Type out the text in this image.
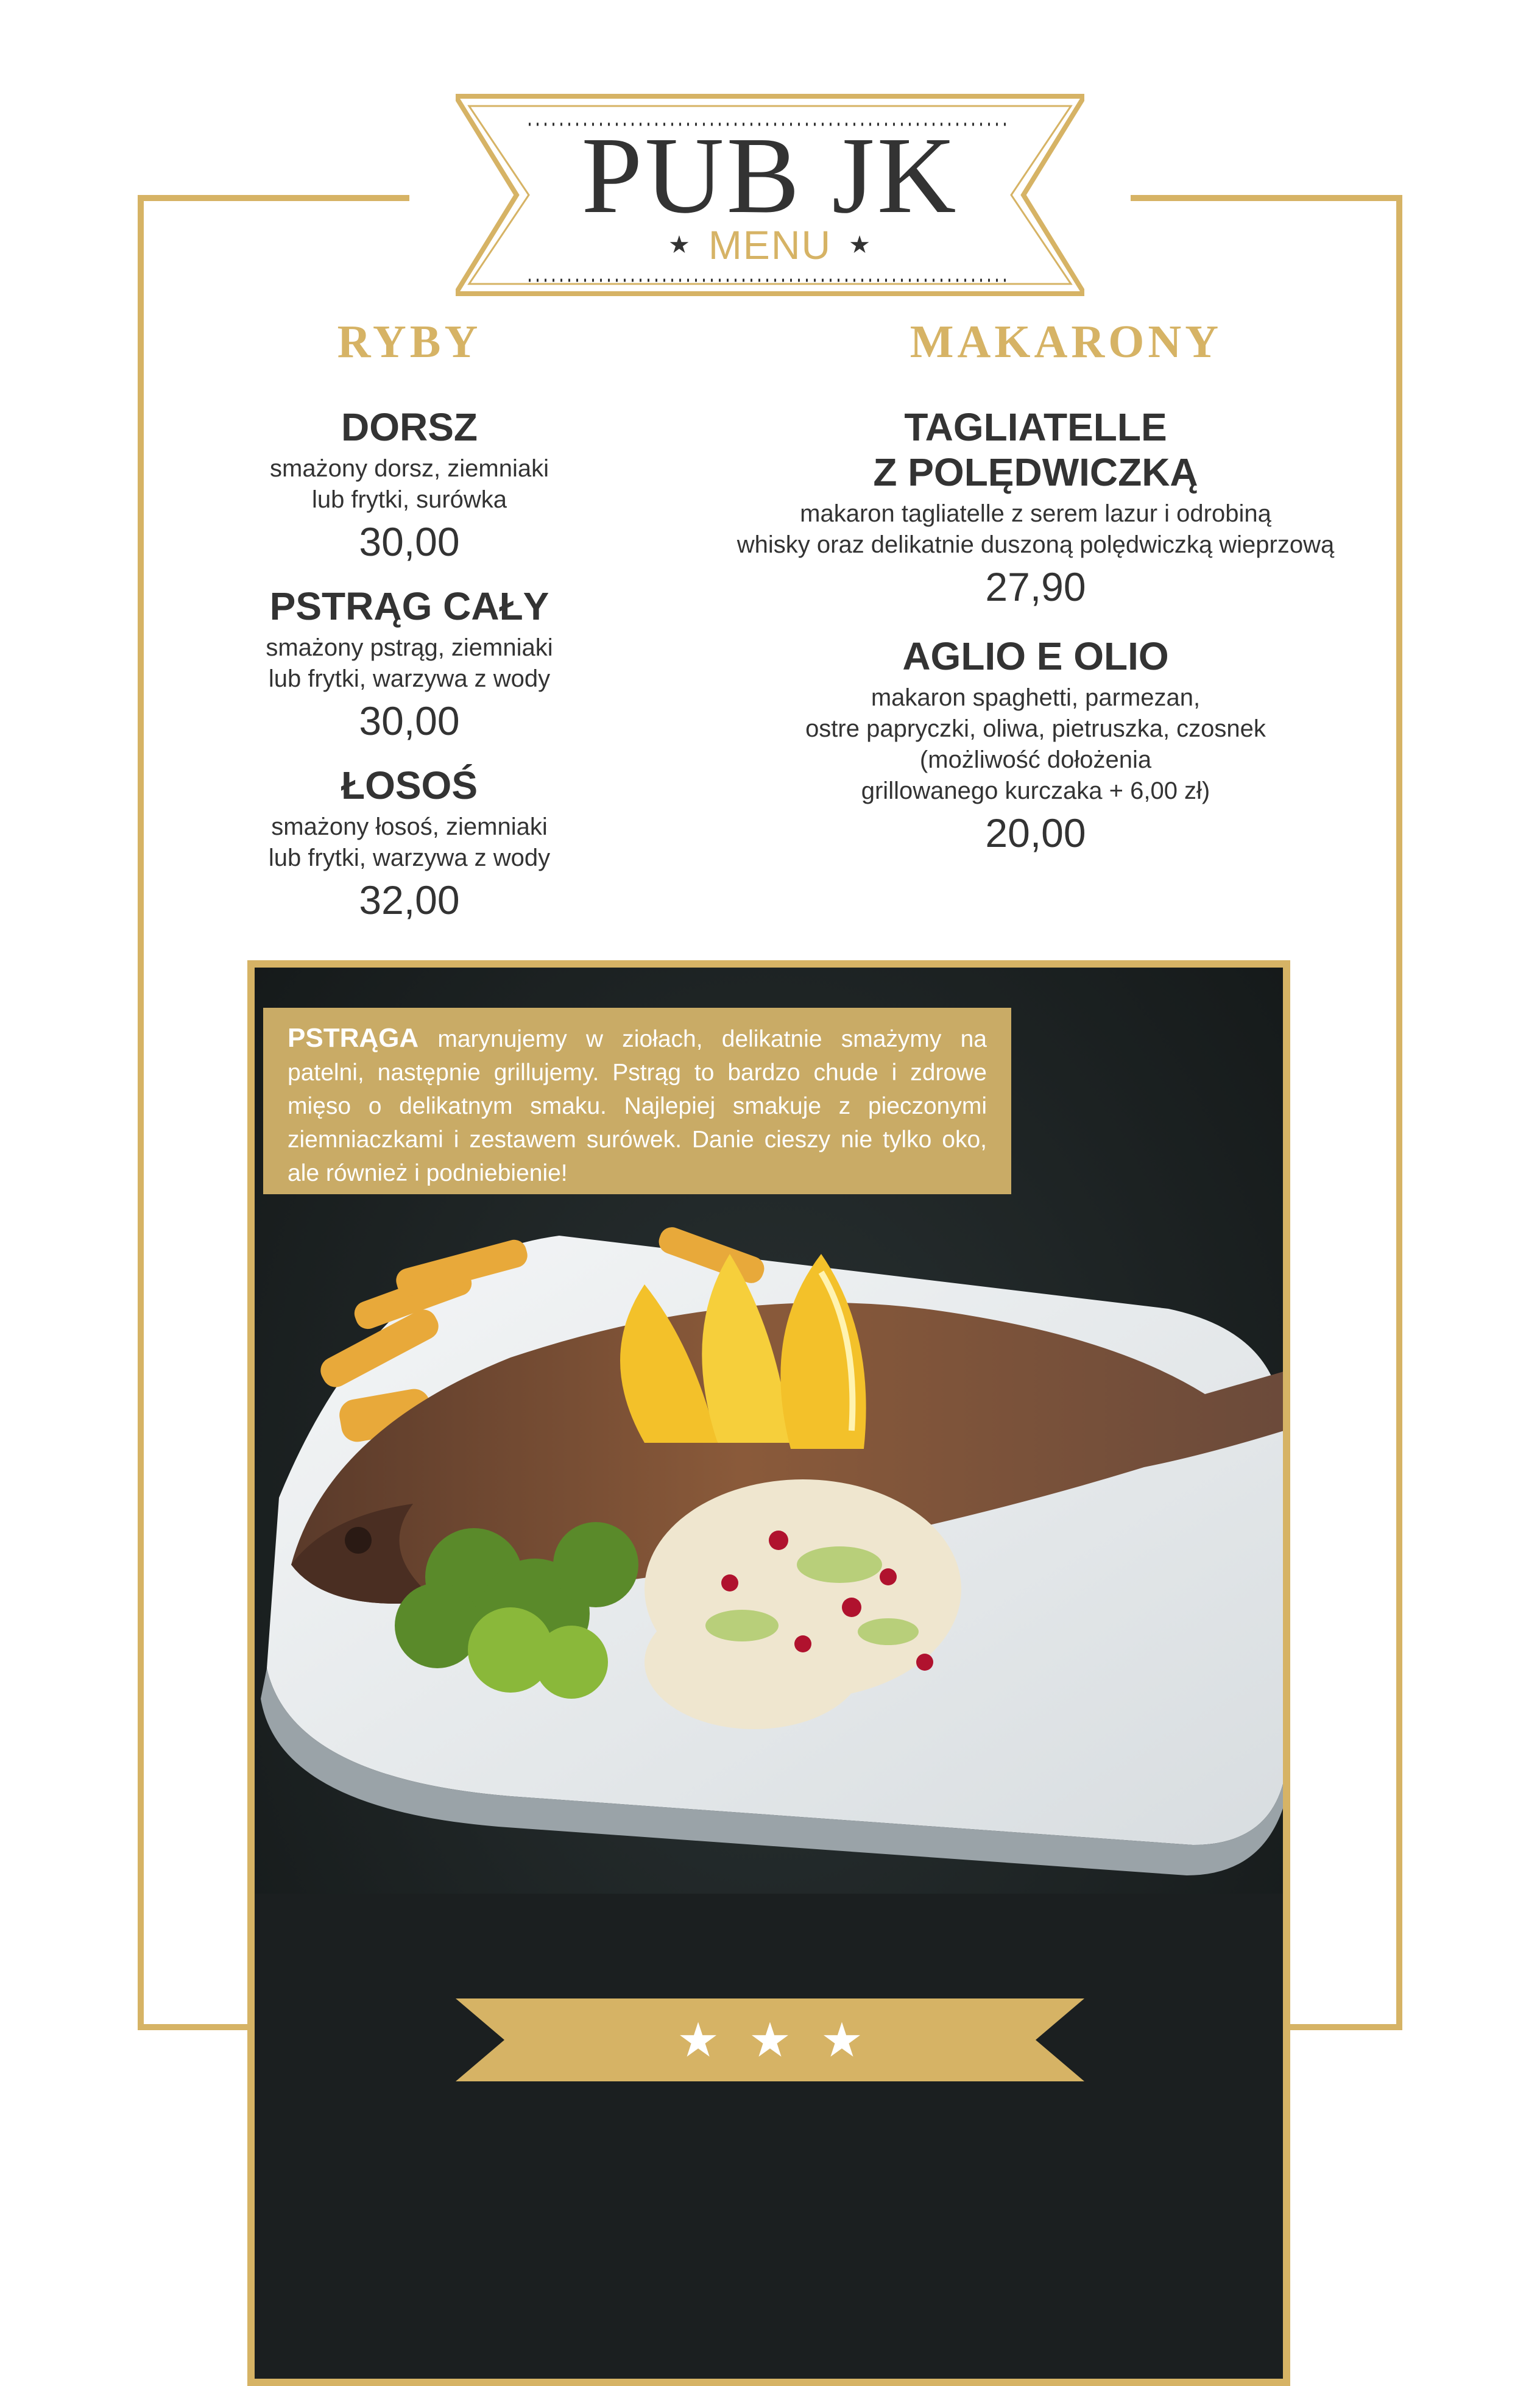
PUB JK
★ MENU ★
RYBY	MAKARONY
DORSZ
smażony dorsz, ziemniaki
lub frytki, surówka
30,00
PSTRĄG CAŁY
smażony pstrąg, ziemniaki
lub frytki, warzywa z wody
30,00
ŁOSOŚ
smażony łosoś, ziemniaki
lub frytki, warzywa z wody
32,00
TAGLIATELLE
Z POLĘDWICZKĄ
makaron tagliatelle z serem lazur i odrobiną
whisky oraz delikatnie duszoną polędwiczką wieprzową
27,90
AGLIO E OLIO
makaron spaghetti, parmezan,
ostre papryczki, oliwa, pietruszka, czosnek
(możliwość dołożenia
grillowanego kurczaka + 6,00 zł)
20,00
PSTRĄGA marynujemy w ziołach, delikatnie smażymy na patelni, następnie grillujemy. Pstrąg to bardzo chude i zdrowe mięso o delikatnym smaku. Najlepiej smakuje z pieczonymi ziemniaczkami i zestawem surówek. Danie cieszy nie tylko oko, ale również i podniebienie!
★ ★ ★
